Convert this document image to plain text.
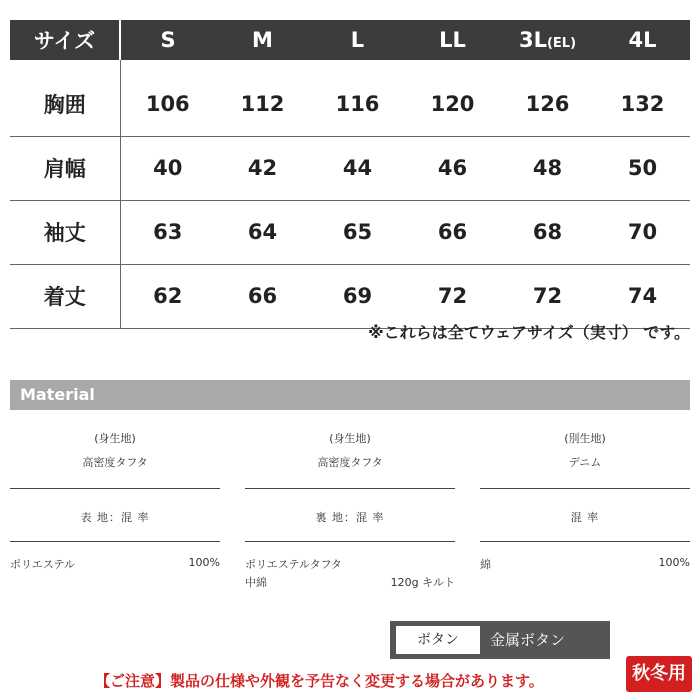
サイズ	S	M	L	LL	3L(EL)	4L
胸囲	106	112	116	120	126	132
肩幅	40	42	44	46	48	50
袖丈	63	64	65	66	68	70
着丈	62	66	69	72	72	74
※これらは全てウェアサイズ（実寸） です。
Material
(身生地)
高密度タフタ
表 地：混 率
ポリエステル	100%
(身生地)
高密度タフタ
裏 地：混 率
ポリエステルタフタ
中綿	120g キルト
(別生地)
デニム
混 率
綿	100%
ボタン	金属ボタン
【ご注意】製品の仕様や外観を予告なく変更する場合があります。	秋冬用
